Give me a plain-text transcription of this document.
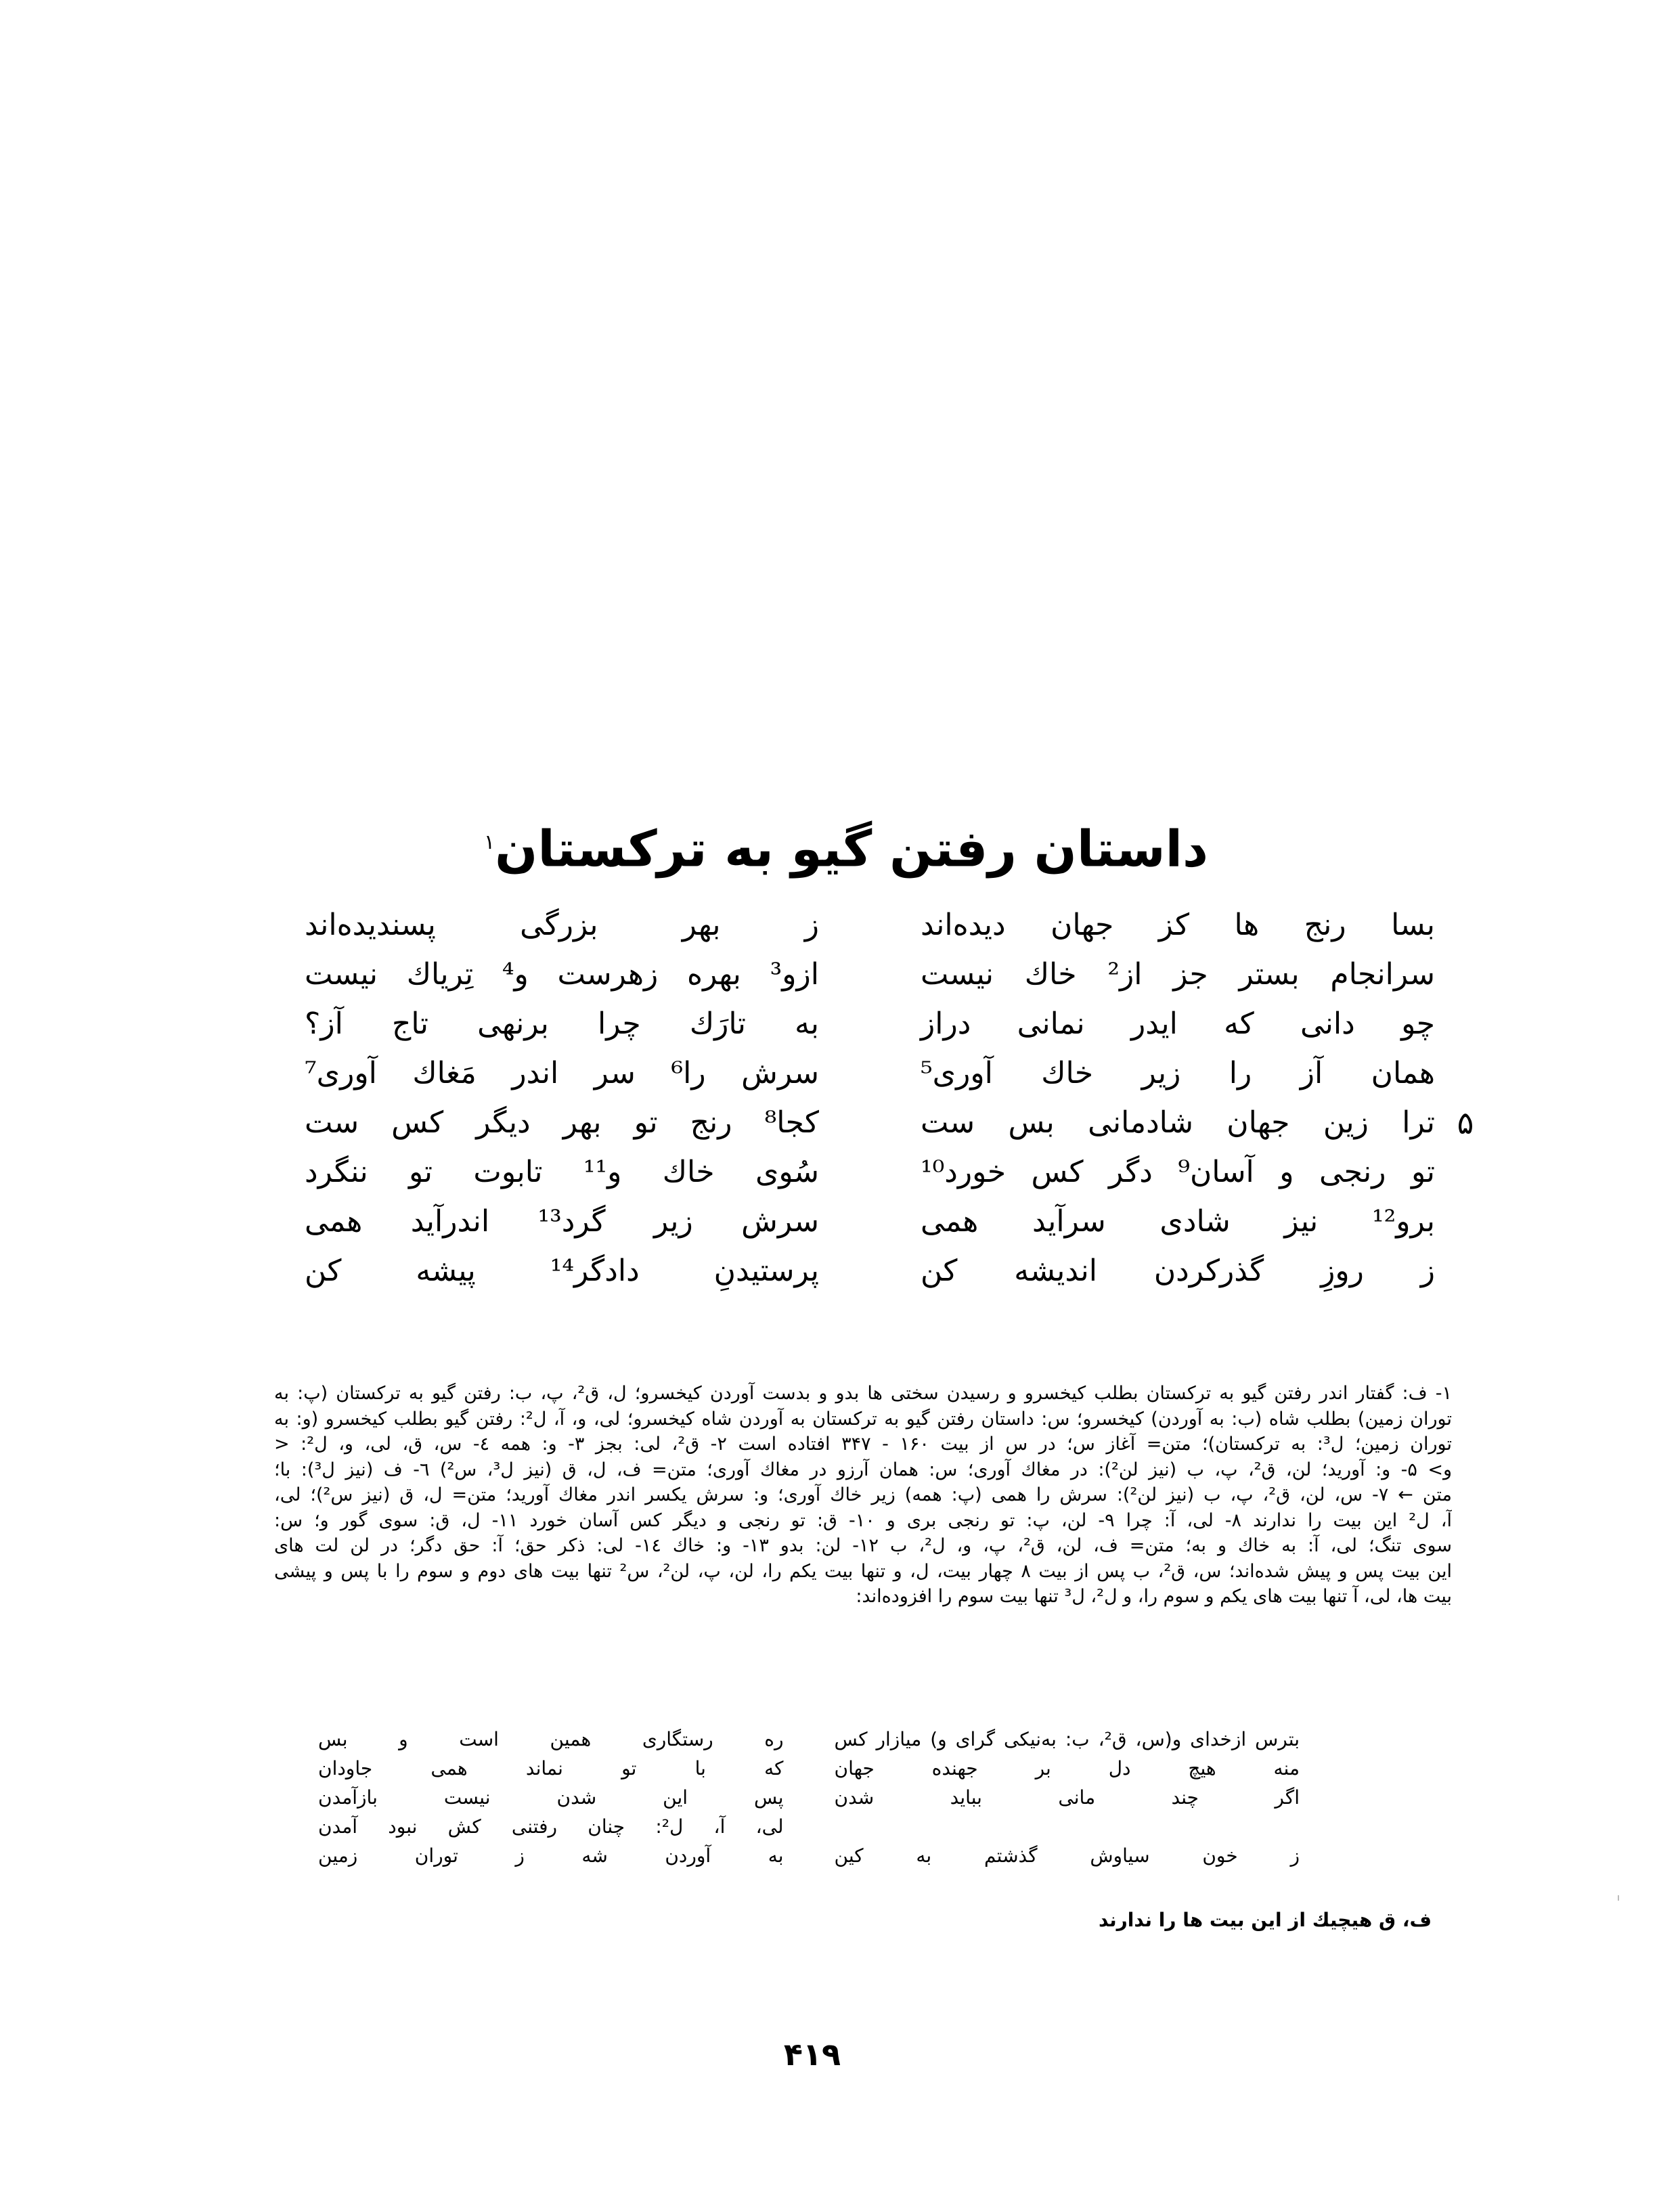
داستان رفتن گیو به ترکستان$^۱$
بسا رنج ها کز جهان دیده‌اند
ز بهر بزرگی پسندیده‌اند
سرانجام بستر جز از² خاك نیست
ازو³ بهره زهرست و⁴ تِریاك نیست
چو دانی که ایدر نمانی دراز
به تارَك چرا برنهی تاج آز؟
همان آز را زیر خاك آوری⁵
سرش را⁶ سر اندر مَغاك آوری⁷
۵
ترا زین جهان شادمانی بس ست
کجا⁸ رنج تو بهر دیگر کس ست
تو رنجی و آسان⁹ دگر کس خورد¹⁰
سُوی خاك و¹¹ تابوت تو ننگرد
برو¹² نیز شادی سرآید همی
سرش زیر گرد¹³ اندرآید همی
ز روزِ گذرکردن اندیشه کن
پرستیدنِ دادگر¹⁴ پیشه کن
۱- ف: گفتار اندر رفتن گیو به ترکستان بطلب کیخسرو و رسیدن سختی ها بدو و بدست آوردن کیخسرو؛ ل، ق²، پ، ب: رفتن گیو به ترکستان (پ: به
توران زمین) بطلب شاه (ب: به آوردن) کیخسرو؛ س: داستان رفتن گیو به ترکستان به آوردن شاه کیخسرو؛ لی، و، آ، ل²: رفتن گیو بطلب کیخسرو (و: به
توران زمین؛ ل³: به ترکستان)؛ متن= آغاز س؛ در س از بیت ۱۶۰ - ۳۴۷ افتاده است ۲- ق²، لی: بجز ۳- و: همه ٤- س، ق، لی، و، ل²: <
و> ۵- و: آورید؛ لن، ق²، پ، ب (نیز لن²): در مغاك آوری؛ س: همان آرزو در مغاك آوری؛ متن= ف، ل، ق (نیز ل³، س²) ٦- ف (نیز ل³): با؛
متن ← ۷- س، لن، ق²، پ، ب (نیز لن²): سرش را همی (پ: همه) زیر خاك آوری؛ و: سرش یکسر اندر مغاك آورید؛ متن= ل، ق (نیز س²)؛ لی،
آ، ل² این بیت را ندارند ۸- لی، آ: چرا ۹- لن، پ: تو رنجی بری و ۱۰- ق: تو رنجی و دیگر کس آسان خورد ۱۱- ل، ق: سوی گور و؛ س:
سوی تنگ؛ لی، آ: به خاك و به؛ متن= ف، لن، ق²، پ، و، ل²، ب ۱۲- لن: بدو ۱۳- و: خاك ۱٤- لی: ذکر حق؛ آ: حق دگر؛ در لن لت های
این بیت پس و پیش شده‌اند؛ س، ق²، ب پس از بیت ۸ چهار بیت، ل، و تنها بیت یکم را، لن، پ، لن²، س² تنها بیت های دوم و سوم را با پس و پیشی
بیت ها، لی، آ تنها بیت های یکم و سوم را، و ل²، ل³ تنها بیت سوم را افزوده‌اند:
بترس ازخدای و(س، ق²، ب: به‌نیکی گرای و) میازار کس
ره رستگاری همین است و بس
منه هیچ دل بر جهنده جهان
که با تو نماند همی جاودان
اگر چند مانی بباید شدن
پس این شدن نیست بازآمدن
لی، آ، ل²: چنان رفتنی کش نبود آمدن
ز خون سیاوش گذشتم به کین
به آوردن شه ز توران زمین
ف، ق هیچیك از این بیت ها را ندارند
۴۱۹
